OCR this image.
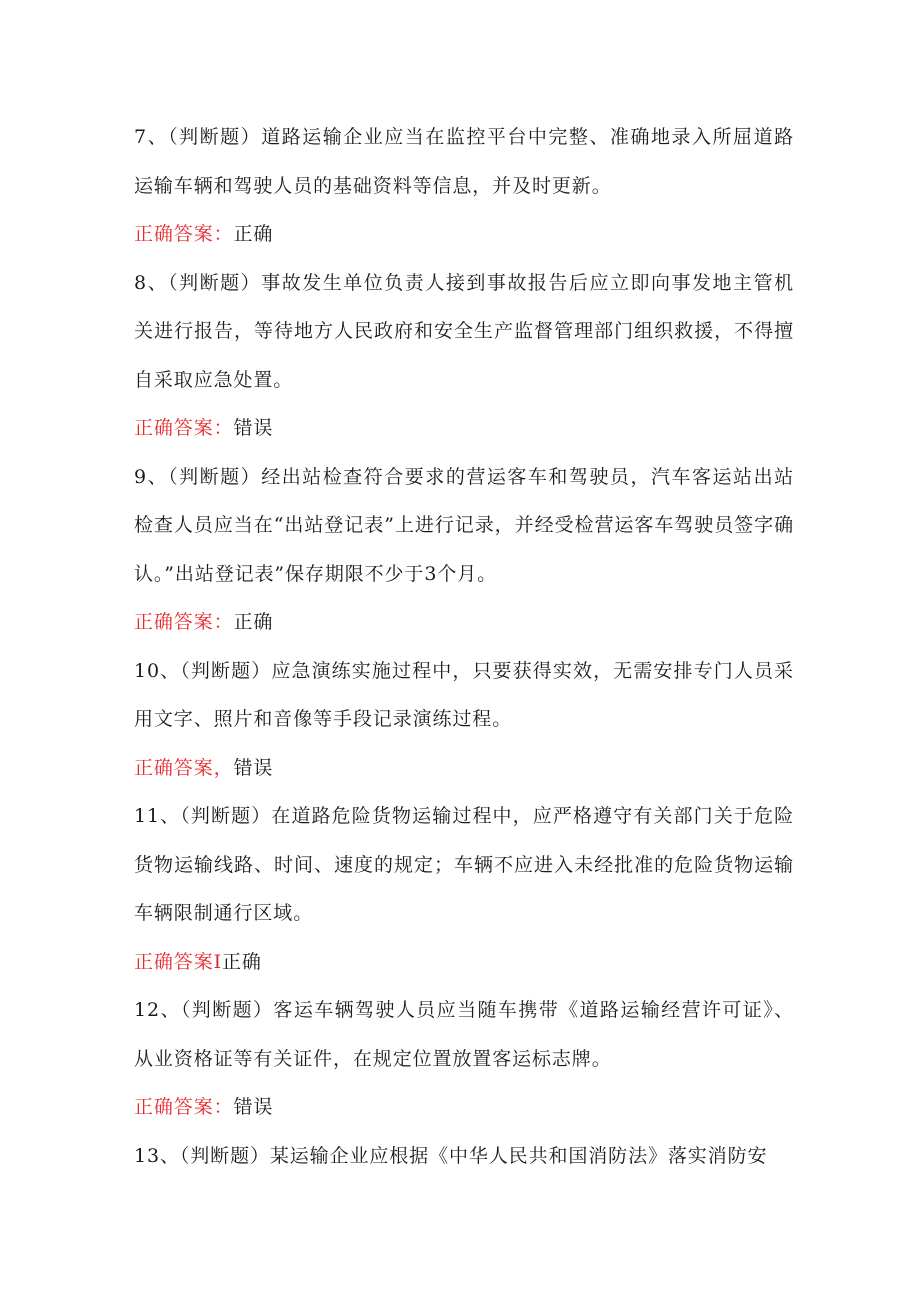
7、（判断题）道路运输企业应当在监控平台中完整、准确地录入所屈道路运输车辆和驾驶人员的基础资料等信息，并及时更新。

正确答案：正确

8、（判断题）事故发生单位负责人接到事故报告后应立即向事发地主管机关进行报告，等待地方人民政府和安全生产监督管理部门组织救援，不得擅自采取应急处置。

正确答案：错误

9、（判断题）经出站检查符合要求的营运客车和驾驶员，汽车客运站出站检查人员应当在“出站登记表”上进行记录，并经受检营运客车驾驶员签字确认。”出站登记表”保存期限不少于3个月。

正确答案：正确

10、（判断题）应急演练实施过程中，只要获得实效，无需安排专门人员采用文字、照片和音像等手段记录演练过程。

正确答案，错误

11、（判断题）在道路危险货物运输过程中，应严格遵守有关部门关于危险货物运输线路、时间、速度的规定；车辆不应进入未经批准的危险货物运输车辆限制通行区域。

正确答案I正确

12、（判断题）客运车辆驾驶人员应当随车携带《道路运输经营许可证》、从业资格证等有关证件，在规定位置放置客运标志牌。

正确答案：错误

13、（判断题）某运输企业应根据《中华人民共和国消防法》落实消防安
